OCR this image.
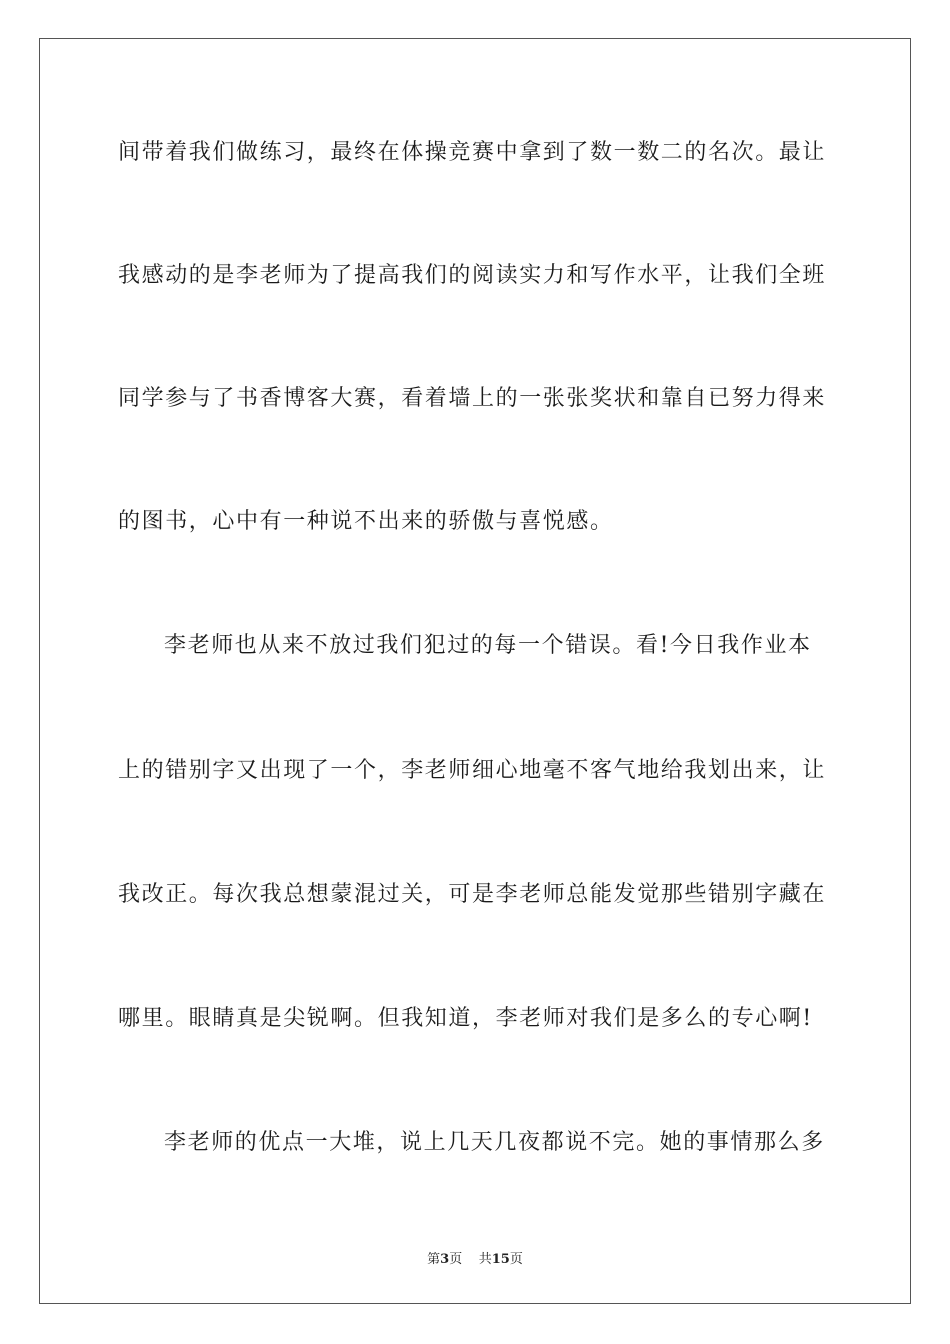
间带着我们做练习，最终在体操竞赛中拿到了数一数二的名次。最让
我感动的是李老师为了提高我们的阅读实力和写作水平，让我们全班
同学参与了书香博客大赛，看着墙上的一张张奖状和靠自已努力得来
的图书，心中有一种说不出来的骄傲与喜悦感。
李老师也从来不放过我们犯过的每一个错误。看!今日我作业本
上的错别字又出现了一个，李老师细心地毫不客气地给我划出来，让
我改正。每次我总想蒙混过关，可是李老师总能发觉那些错别字藏在
哪里。眼睛真是尖锐啊。但我知道，李老师对我们是多么的专心啊!
李老师的优点一大堆，说上几天几夜都说不完。她的事情那么多
第3页 共15页
